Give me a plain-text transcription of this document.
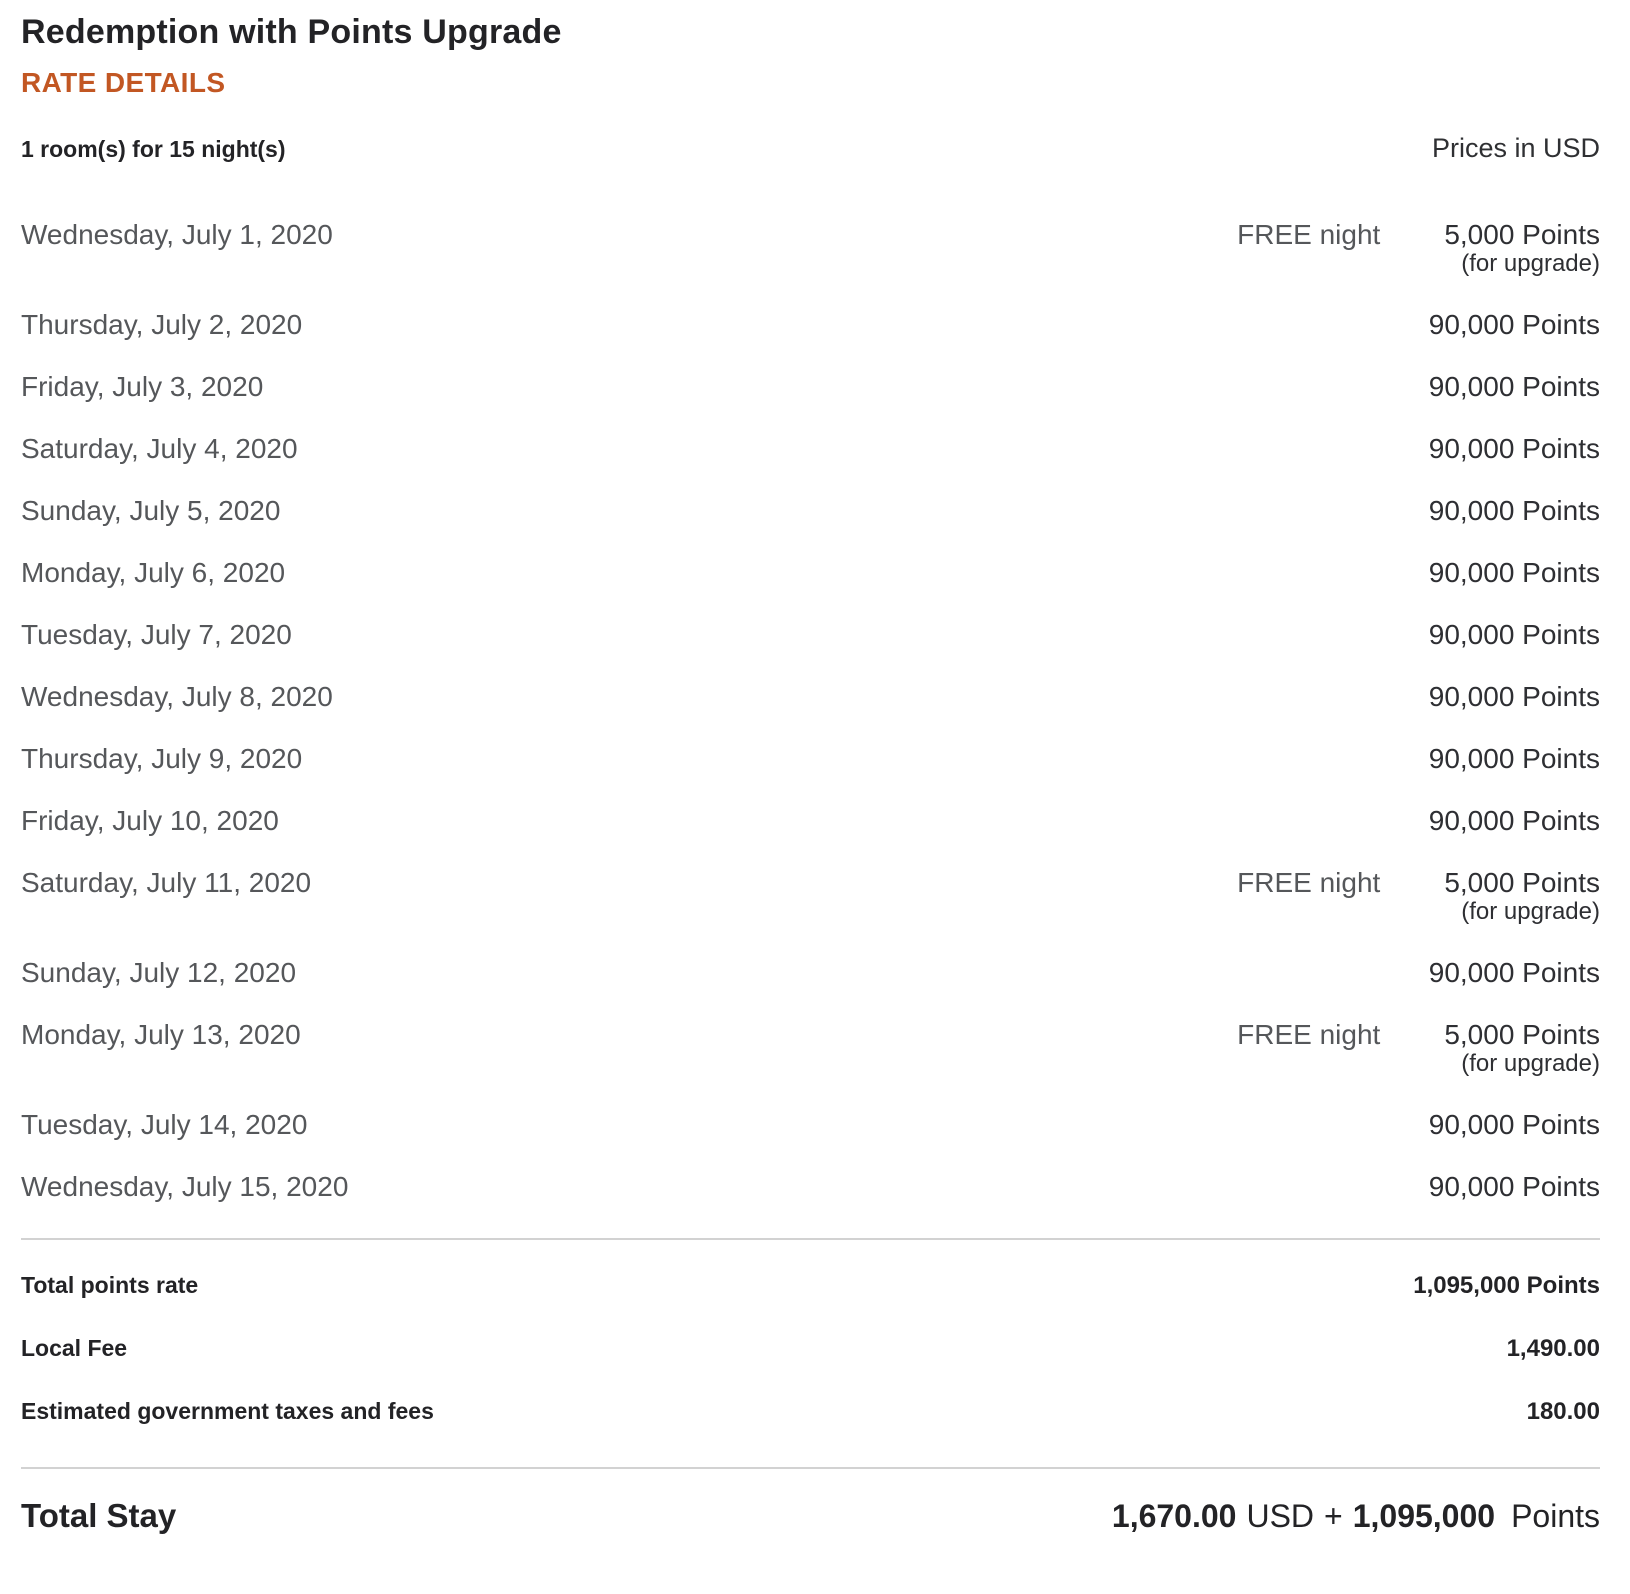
Redemption with Points Upgrade
RATE DETAILS
1 room(s) for 15 night(s)	Prices in USD
Wednesday, July 1, 2020	FREE night 5,000 Points
(for upgrade)
Thursday, July 2, 2020	90,000 Points
Friday, July 3, 2020	90,000 Points
Saturday, July 4, 2020	90,000 Points
Sunday, July 5, 2020	90,000 Points
Monday, July 6, 2020	90,000 Points
Tuesday, July 7, 2020	90,000 Points
Wednesday, July 8, 2020	90,000 Points
Thursday, July 9, 2020	90,000 Points
Friday, July 10, 2020	90,000 Points
Saturday, July 11, 2020	FREE night 5,000 Points
(for upgrade)
Sunday, July 12, 2020	90,000 Points
Monday, July 13, 2020	FREE night 5,000 Points
(for upgrade)
Tuesday, July 14, 2020	90,000 Points
Wednesday, July 15, 2020	90,000 Points
Total points rate	1,095,000 Points
Local Fee	1,490.00
Estimated government taxes and fees	180.00
Total Stay	1,670.00 USD + 1,095,000 Points
